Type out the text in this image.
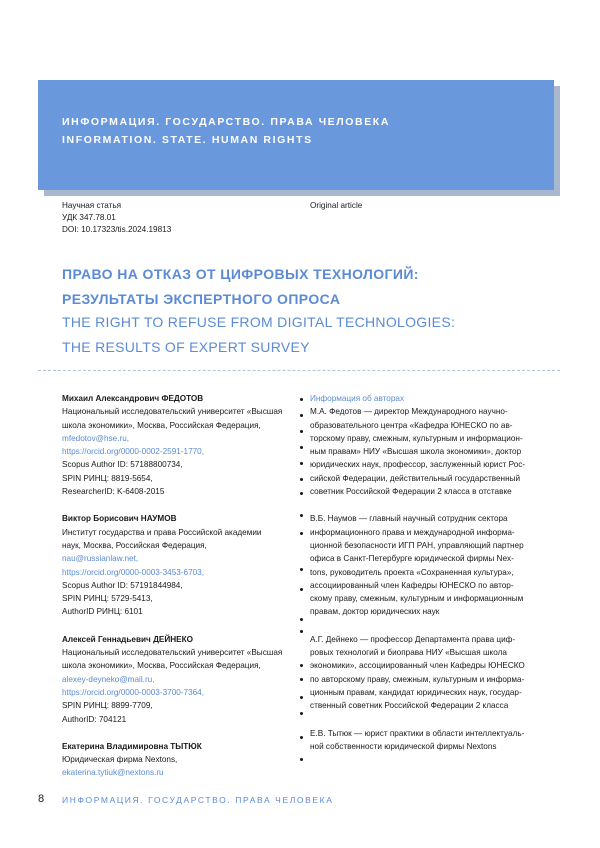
ИНФОРМАЦИЯ. ГОСУДАРСТВО. ПРАВА ЧЕЛОВЕКА
INFORMATION. STATE. HUMAN RIGHTS
Научная статья
УДК 347.78.01
DOI: 10.17323/tis.2024.19813
Original article
ПРАВО НА ОТКАЗ ОТ ЦИФРОВЫХ ТЕХНОЛОГИЙ:
РЕЗУЛЬТАТЫ ЭКСПЕРТНОГО ОПРОСА
THE RIGHT TO REFUSE FROM DIGITAL TECHNOLOGIES:
THE RESULTS OF EXPERT SURVEY
Михаил Александрович ФЕДОТОВ
Национальный исследовательский университет «Высшая
школа экономики», Москва, Российская Федерация,
mfedotov@hse.ru,
https://orcid.org/0000-0002-2591-1770,
Scopus Author ID: 57188800734,
SPIN РИНЦ: 8819-5654,
ResearcherID: K-6408-2015
Виктор Борисович НАУМОВ
Институт государства и права Российской академии
наук, Москва, Российская Федерация,
nau@russianlaw.net,
https://orcid.org/0000-0003-3453-6703,
Scopus Author ID: 57191844984,
SPIN РИНЦ: 5729-5413,
AuthorID РИНЦ: 6101
Алексей Геннадьевич ДЕЙНЕКО
Национальный исследовательский университет «Высшая
школа экономики», Москва, Российская Федерация,
alexey-deyneko@mail.ru,
https://orcid.org/0000-0003-3700-7364,
SPIN РИНЦ: 8899-7709,
AuthorID: 704121
Екатерина Владимировна ТЫТЮК
Юридическая фирма Nextons,
ekaterina.tytiuk@nextons.ru
Информация об авторах
М.А. Федотов — директор Международного научно-
образовательного центра «Кафедра ЮНЕСКО по ав-
торскому праву, смежным, культурным и информацион-
ным правам» НИУ «Высшая школа экономики», доктор
юридических наук, профессор, заслуженный юрист Рос-
сийской Федерации, действительный государственный
советник Российской Федерации 2 класса в отставке
В.Б. Наумов — главный научный сотрудник сектора
информационного права и международной информа-
ционной безопасности ИГП РАН, управляющий партнер
офиса в Санкт-Петербурге юридической фирмы Nex-
tons, руководитель проекта «Сохраненная культура»,
ассоциированный член Кафедры ЮНЕСКО по автор-
скому праву, смежным, культурным и информационным
правам, доктор юридических наук
А.Г. Дейнеко — профессор Департамента права циф-
ровых технологий и биоправа НИУ «Высшая школа
экономики», ассоциированный член Кафедры ЮНЕСКО
по авторскому праву, смежным, культурным и информа-
ционным правам, кандидат юридических наук, государ-
ственный советник Российской Федерации 2 класса
Е.В. Тытюк — юрист практики в области интеллектуаль-
ной собственности юридической фирмы Nextons
8 ИНФОРМАЦИЯ. ГОСУДАРСТВО. ПРАВА ЧЕЛОВЕКА
